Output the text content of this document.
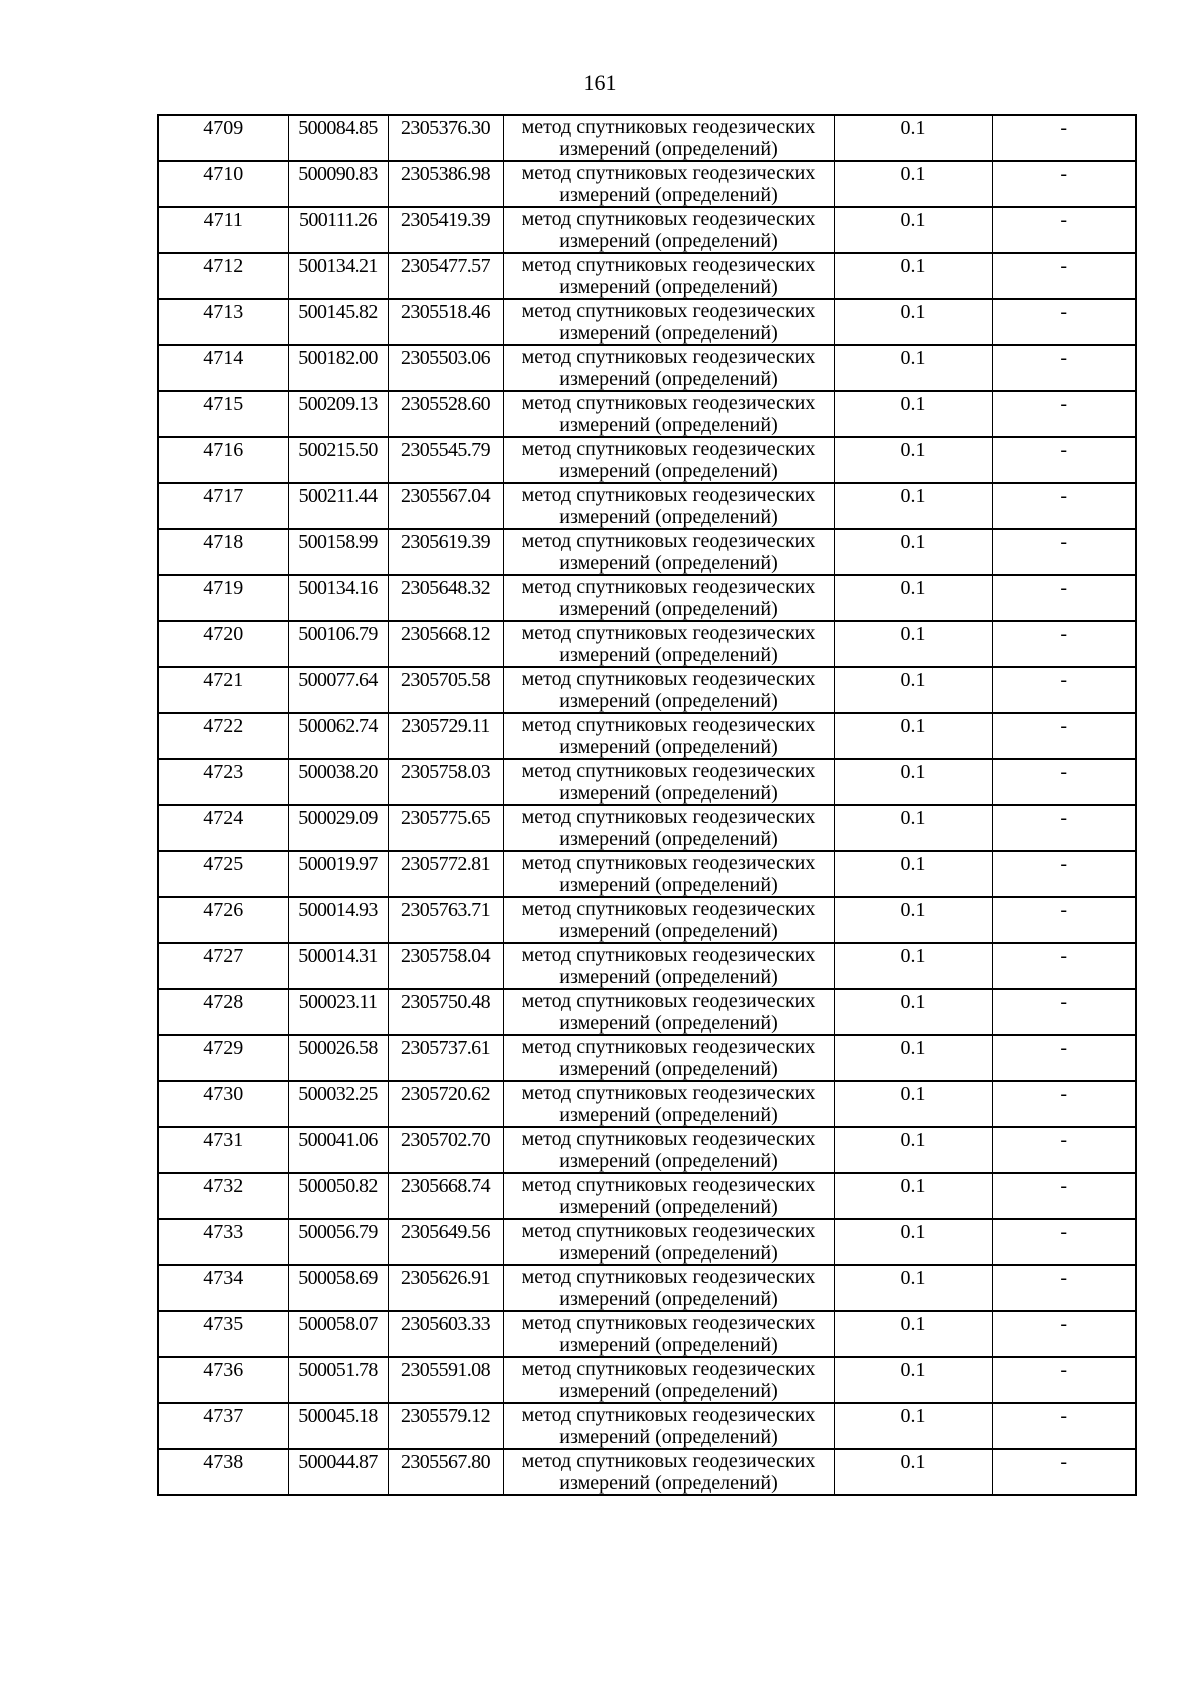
161
4709	500084.85	2305376.30	метод спутниковых геодезических
измерений (определений)	0.1	-
4710	500090.83	2305386.98	метод спутниковых геодезических
измерений (определений)	0.1	-
4711	500111.26	2305419.39	метод спутниковых геодезических
измерений (определений)	0.1	-
4712	500134.21	2305477.57	метод спутниковых геодезических
измерений (определений)	0.1	-
4713	500145.82	2305518.46	метод спутниковых геодезических
измерений (определений)	0.1	-
4714	500182.00	2305503.06	метод спутниковых геодезических
измерений (определений)	0.1	-
4715	500209.13	2305528.60	метод спутниковых геодезических
измерений (определений)	0.1	-
4716	500215.50	2305545.79	метод спутниковых геодезических
измерений (определений)	0.1	-
4717	500211.44	2305567.04	метод спутниковых геодезических
измерений (определений)	0.1	-
4718	500158.99	2305619.39	метод спутниковых геодезических
измерений (определений)	0.1	-
4719	500134.16	2305648.32	метод спутниковых геодезических
измерений (определений)	0.1	-
4720	500106.79	2305668.12	метод спутниковых геодезических
измерений (определений)	0.1	-
4721	500077.64	2305705.58	метод спутниковых геодезических
измерений (определений)	0.1	-
4722	500062.74	2305729.11	метод спутниковых геодезических
измерений (определений)	0.1	-
4723	500038.20	2305758.03	метод спутниковых геодезических
измерений (определений)	0.1	-
4724	500029.09	2305775.65	метод спутниковых геодезических
измерений (определений)	0.1	-
4725	500019.97	2305772.81	метод спутниковых геодезических
измерений (определений)	0.1	-
4726	500014.93	2305763.71	метод спутниковых геодезических
измерений (определений)	0.1	-
4727	500014.31	2305758.04	метод спутниковых геодезических
измерений (определений)	0.1	-
4728	500023.11	2305750.48	метод спутниковых геодезических
измерений (определений)	0.1	-
4729	500026.58	2305737.61	метод спутниковых геодезических
измерений (определений)	0.1	-
4730	500032.25	2305720.62	метод спутниковых геодезических
измерений (определений)	0.1	-
4731	500041.06	2305702.70	метод спутниковых геодезических
измерений (определений)	0.1	-
4732	500050.82	2305668.74	метод спутниковых геодезических
измерений (определений)	0.1	-
4733	500056.79	2305649.56	метод спутниковых геодезических
измерений (определений)	0.1	-
4734	500058.69	2305626.91	метод спутниковых геодезических
измерений (определений)	0.1	-
4735	500058.07	2305603.33	метод спутниковых геодезических
измерений (определений)	0.1	-
4736	500051.78	2305591.08	метод спутниковых геодезических
измерений (определений)	0.1	-
4737	500045.18	2305579.12	метод спутниковых геодезических
измерений (определений)	0.1	-
4738	500044.87	2305567.80	метод спутниковых геодезических
измерений (определений)	0.1	-
